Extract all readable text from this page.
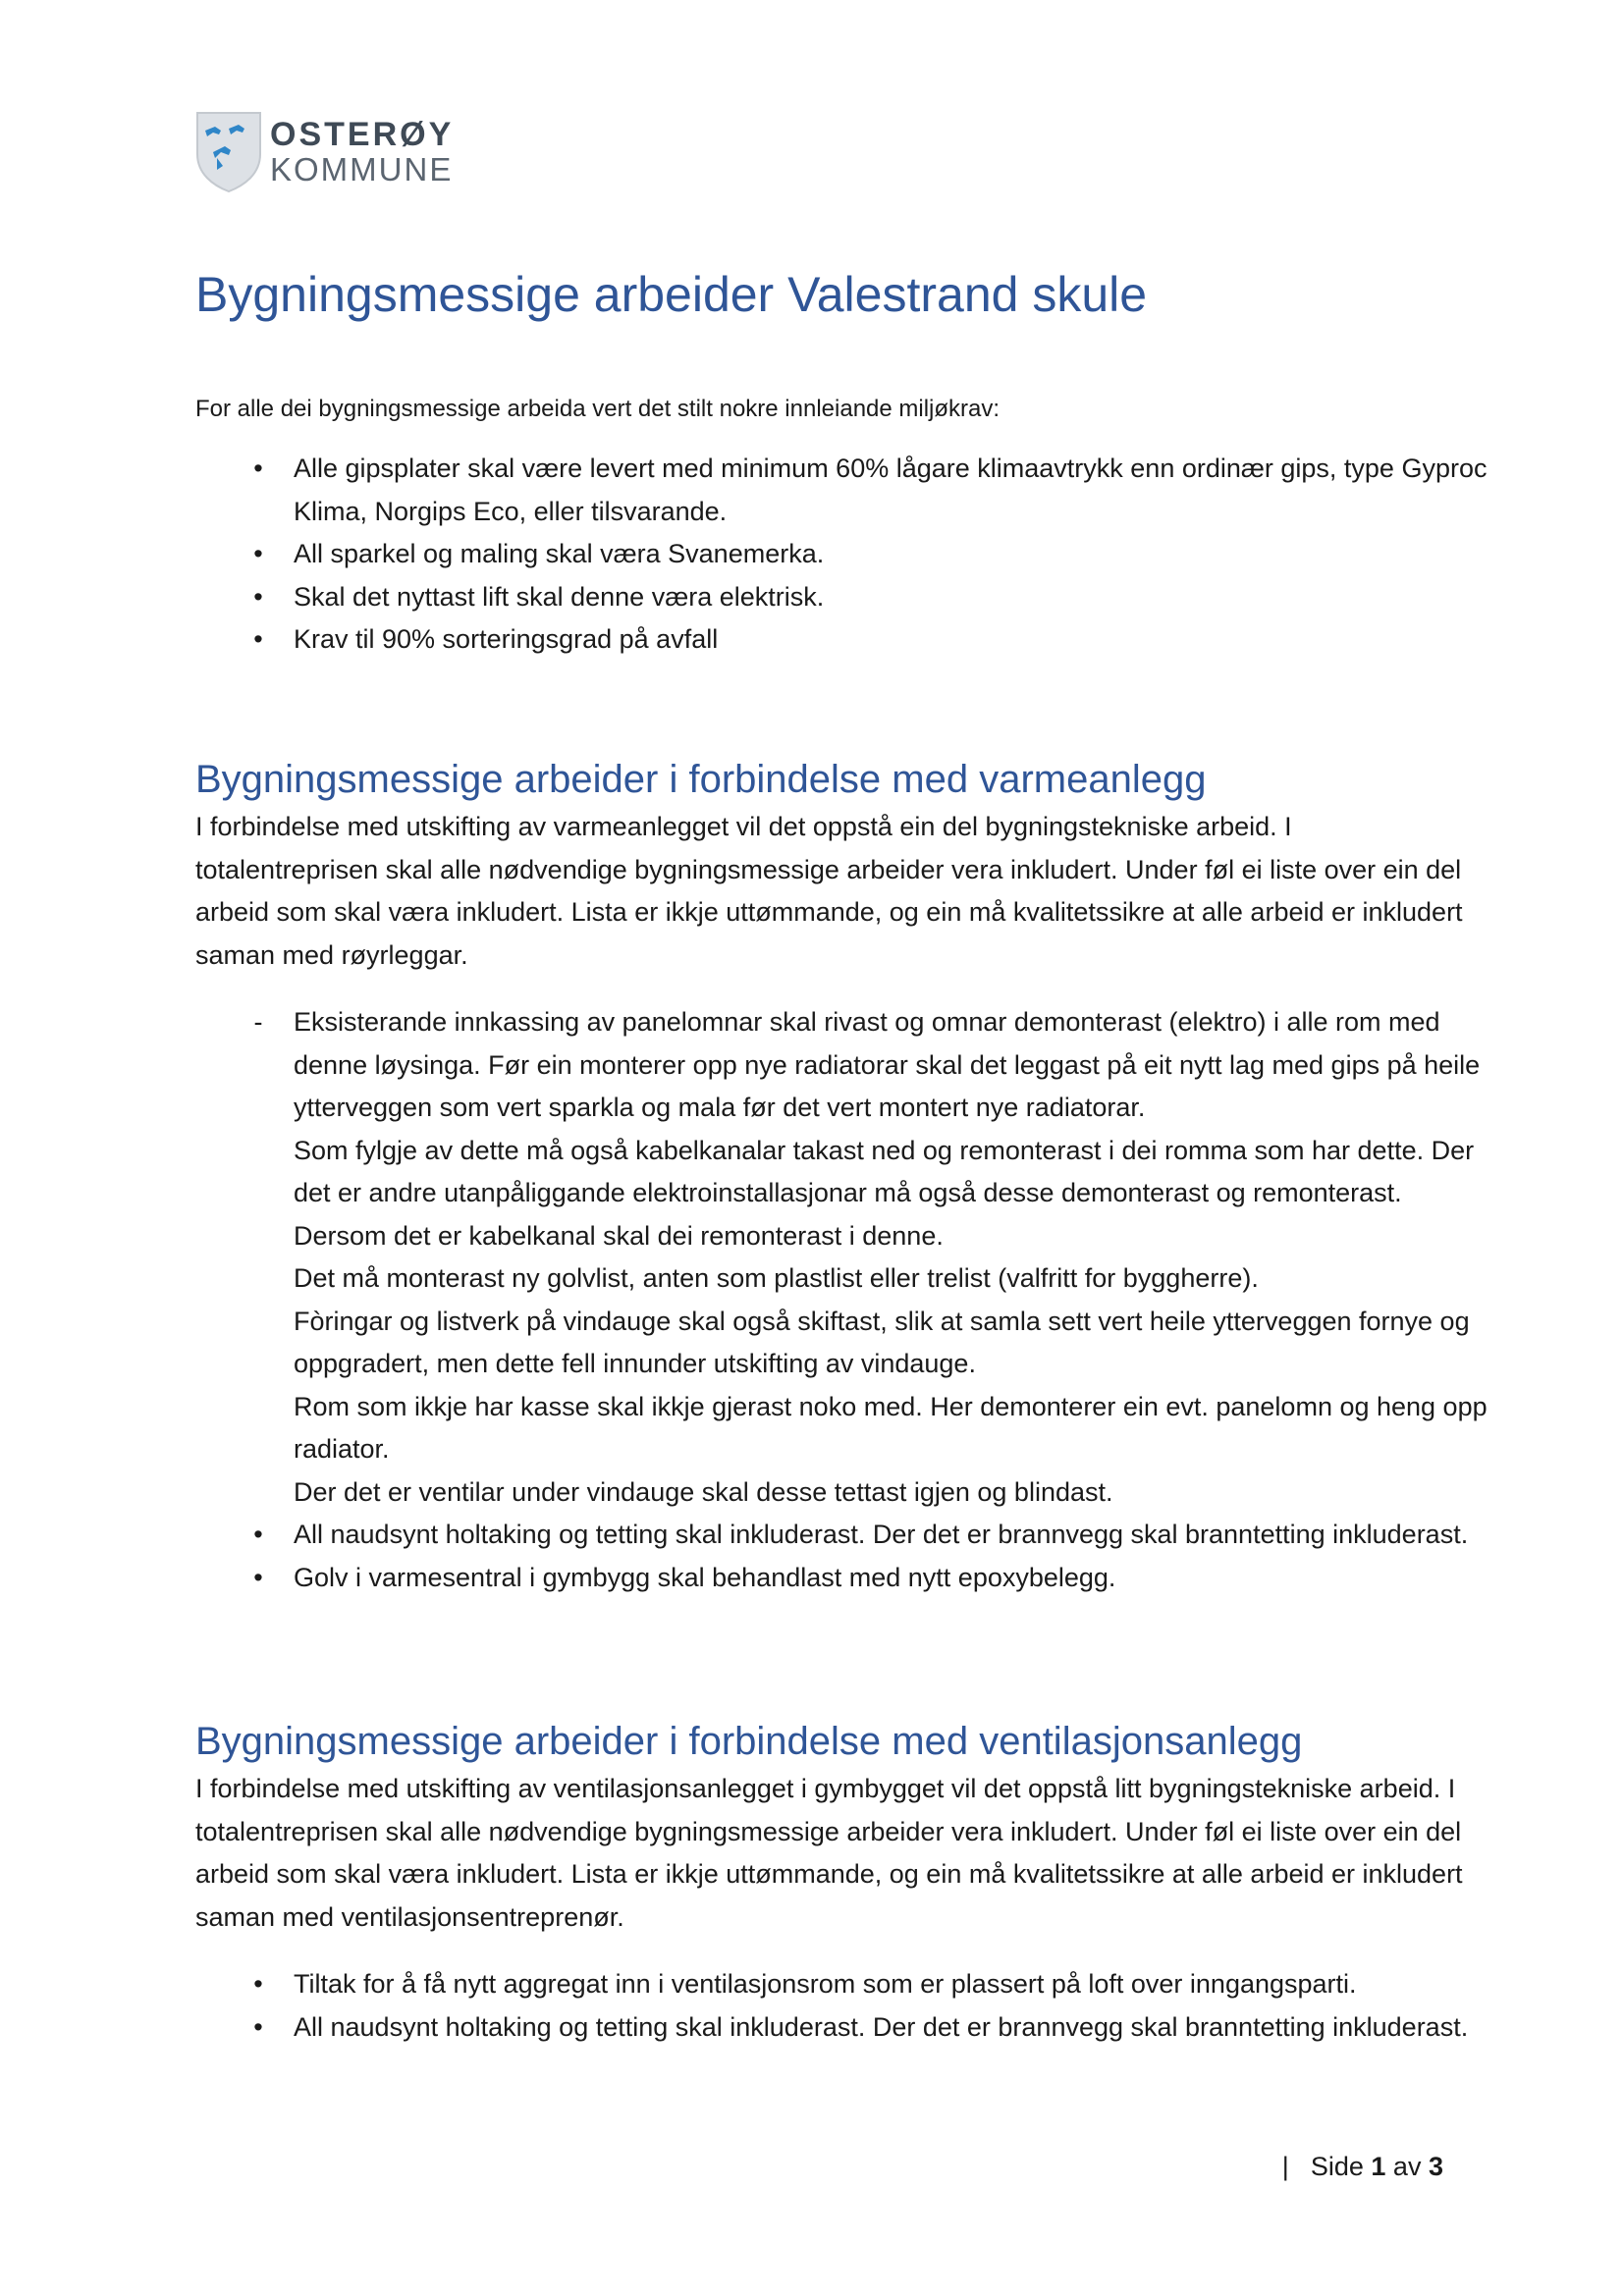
OSTERØY
KOMMUNE
Bygningsmessige arbeider Valestrand skule

For alle dei bygningsmessige arbeida vert det stilt nokre innleiande miljøkrav:

• Alle gipsplater skal være levert med minimum 60% lågare klimaavtrykk enn ordinær gips, type Gyproc Klima, Norgips Eco, eller tilsvarande.
• All sparkel og maling skal væra Svanemerka.
• Skal det nyttast lift skal denne væra elektrisk.
• Krav til 90% sorteringsgrad på avfall
Bygningsmessige arbeider i forbindelse med varmeanlegg

I forbindelse med utskifting av varmeanlegget vil det oppstå ein del bygningstekniske arbeid. I totalentreprisen skal alle nødvendige bygningsmessige arbeider vera inkludert. Under føl ei liste over ein del arbeid som skal væra inkludert. Lista er ikkje uttømmande, og ein må kvalitetssikre at alle arbeid er inkludert saman med røyrleggar.

- Eksisterande innkassing av panelomnar skal rivast og omnar demonterast (elektro) i alle rom med denne løysinga. Før ein monterer opp nye radiatorar skal det leggast på eit nytt lag med gips på heile ytterveggen som vert sparkla og mala før det vert montert nye radiatorar.
Som fylgje av dette må også kabelkanalar takast ned og remonterast i dei romma som har dette. Der det er andre utanpåliggande elektroinstallasjonar må også desse demonterast og remonterast. Dersom det er kabelkanal skal dei remonterast i denne.
Det må monterast ny golvlist, anten som plastlist eller trelist (valfritt for byggherre).
Fòringar og listverk på vindauge skal også skiftast, slik at samla sett vert heile ytterveggen fornye og oppgradert, men dette fell innunder utskifting av vindauge.
Rom som ikkje har kasse skal ikkje gjerast noko med. Her demonterer ein evt. panelomn og heng opp radiator.
Der det er ventilar under vindauge skal desse tettast igjen og blindast.
• All naudsynt holtaking og tetting skal inkluderast. Der det er brannvegg skal branntetting inkluderast.
• Golv i varmesentral i gymbygg skal behandlast med nytt epoxybelegg.
Bygningsmessige arbeider i forbindelse med ventilasjonsanlegg

I forbindelse med utskifting av ventilasjonsanlegget i gymbygget vil det oppstå litt bygningstekniske arbeid. I totalentreprisen skal alle nødvendige bygningsmessige arbeider vera inkludert. Under føl ei liste over ein del arbeid som skal væra inkludert. Lista er ikkje uttømmande, og ein må kvalitetssikre at alle arbeid er inkludert saman med ventilasjonsentreprenør.

• Tiltak for å få nytt aggregat inn i ventilasjonsrom som er plassert på loft over inngangsparti.
• All naudsynt holtaking og tetting skal inkluderast. Der det er brannvegg skal branntetting inkluderast.
| Side 1 av 3
